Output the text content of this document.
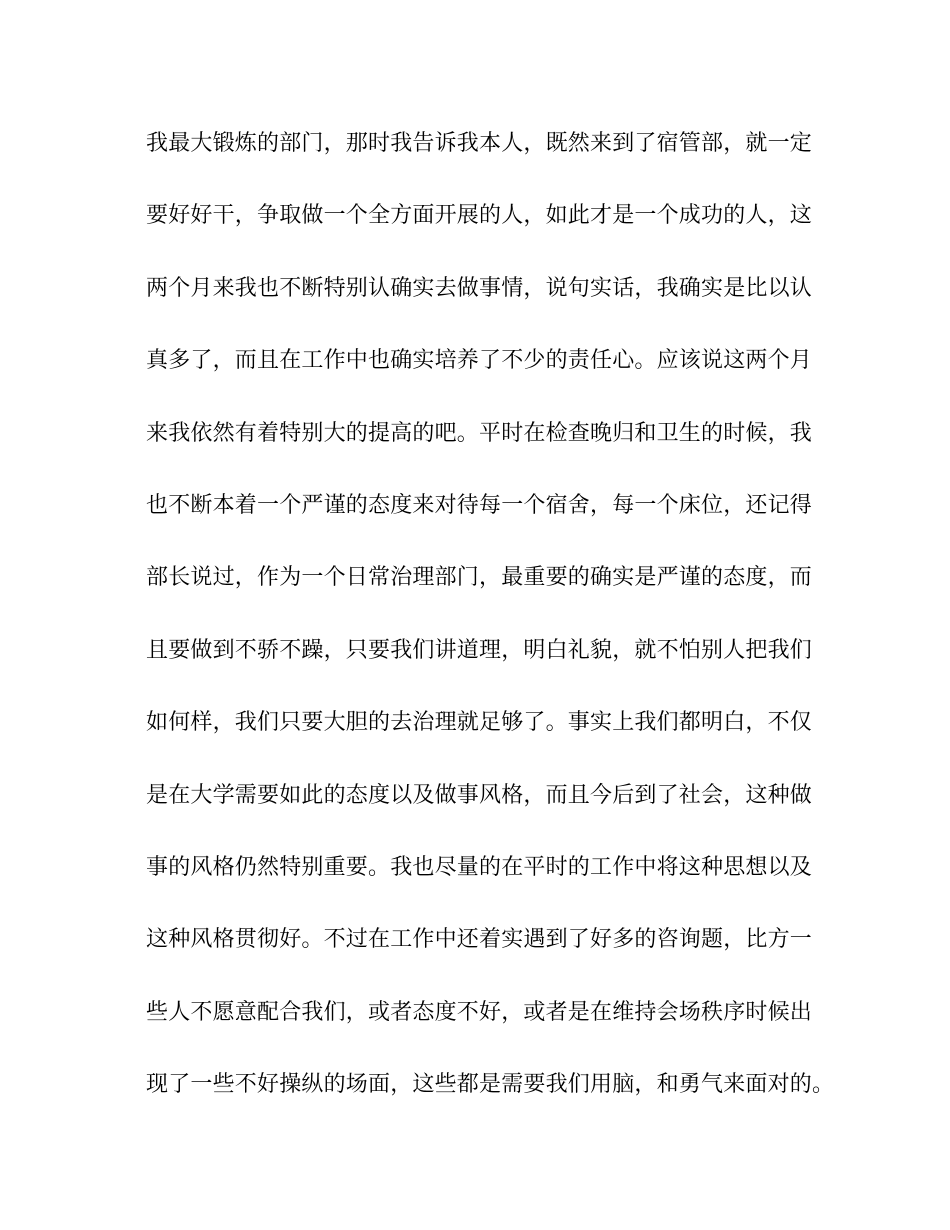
我最大锻炼的部门，那时我告诉我本人，既然来到了宿管部，就一定
要好好干，争取做一个全方面开展的人，如此才是一个成功的人，这
两个月来我也不断特别认确实去做事情，说句实话，我确实是比以认
真多了，而且在工作中也确实培养了不少的责任心。应该说这两个月
来我依然有着特别大的提高的吧。平时在检查晚归和卫生的时候，我
也不断本着一个严谨的态度来对待每一个宿舍，每一个床位，还记得
部长说过，作为一个日常治理部门，最重要的确实是严谨的态度，而
且要做到不骄不躁，只要我们讲道理，明白礼貌，就不怕别人把我们
如何样，我们只要大胆的去治理就足够了。事实上我们都明白，不仅
是在大学需要如此的态度以及做事风格，而且今后到了社会，这种做
事的风格仍然特别重要。我也尽量的在平时的工作中将这种思想以及
这种风格贯彻好。不过在工作中还着实遇到了好多的咨询题，比方一
些人不愿意配合我们，或者态度不好，或者是在维持会场秩序时候出
现了一些不好操纵的场面，这些都是需要我们用脑，和勇气来面对的。
